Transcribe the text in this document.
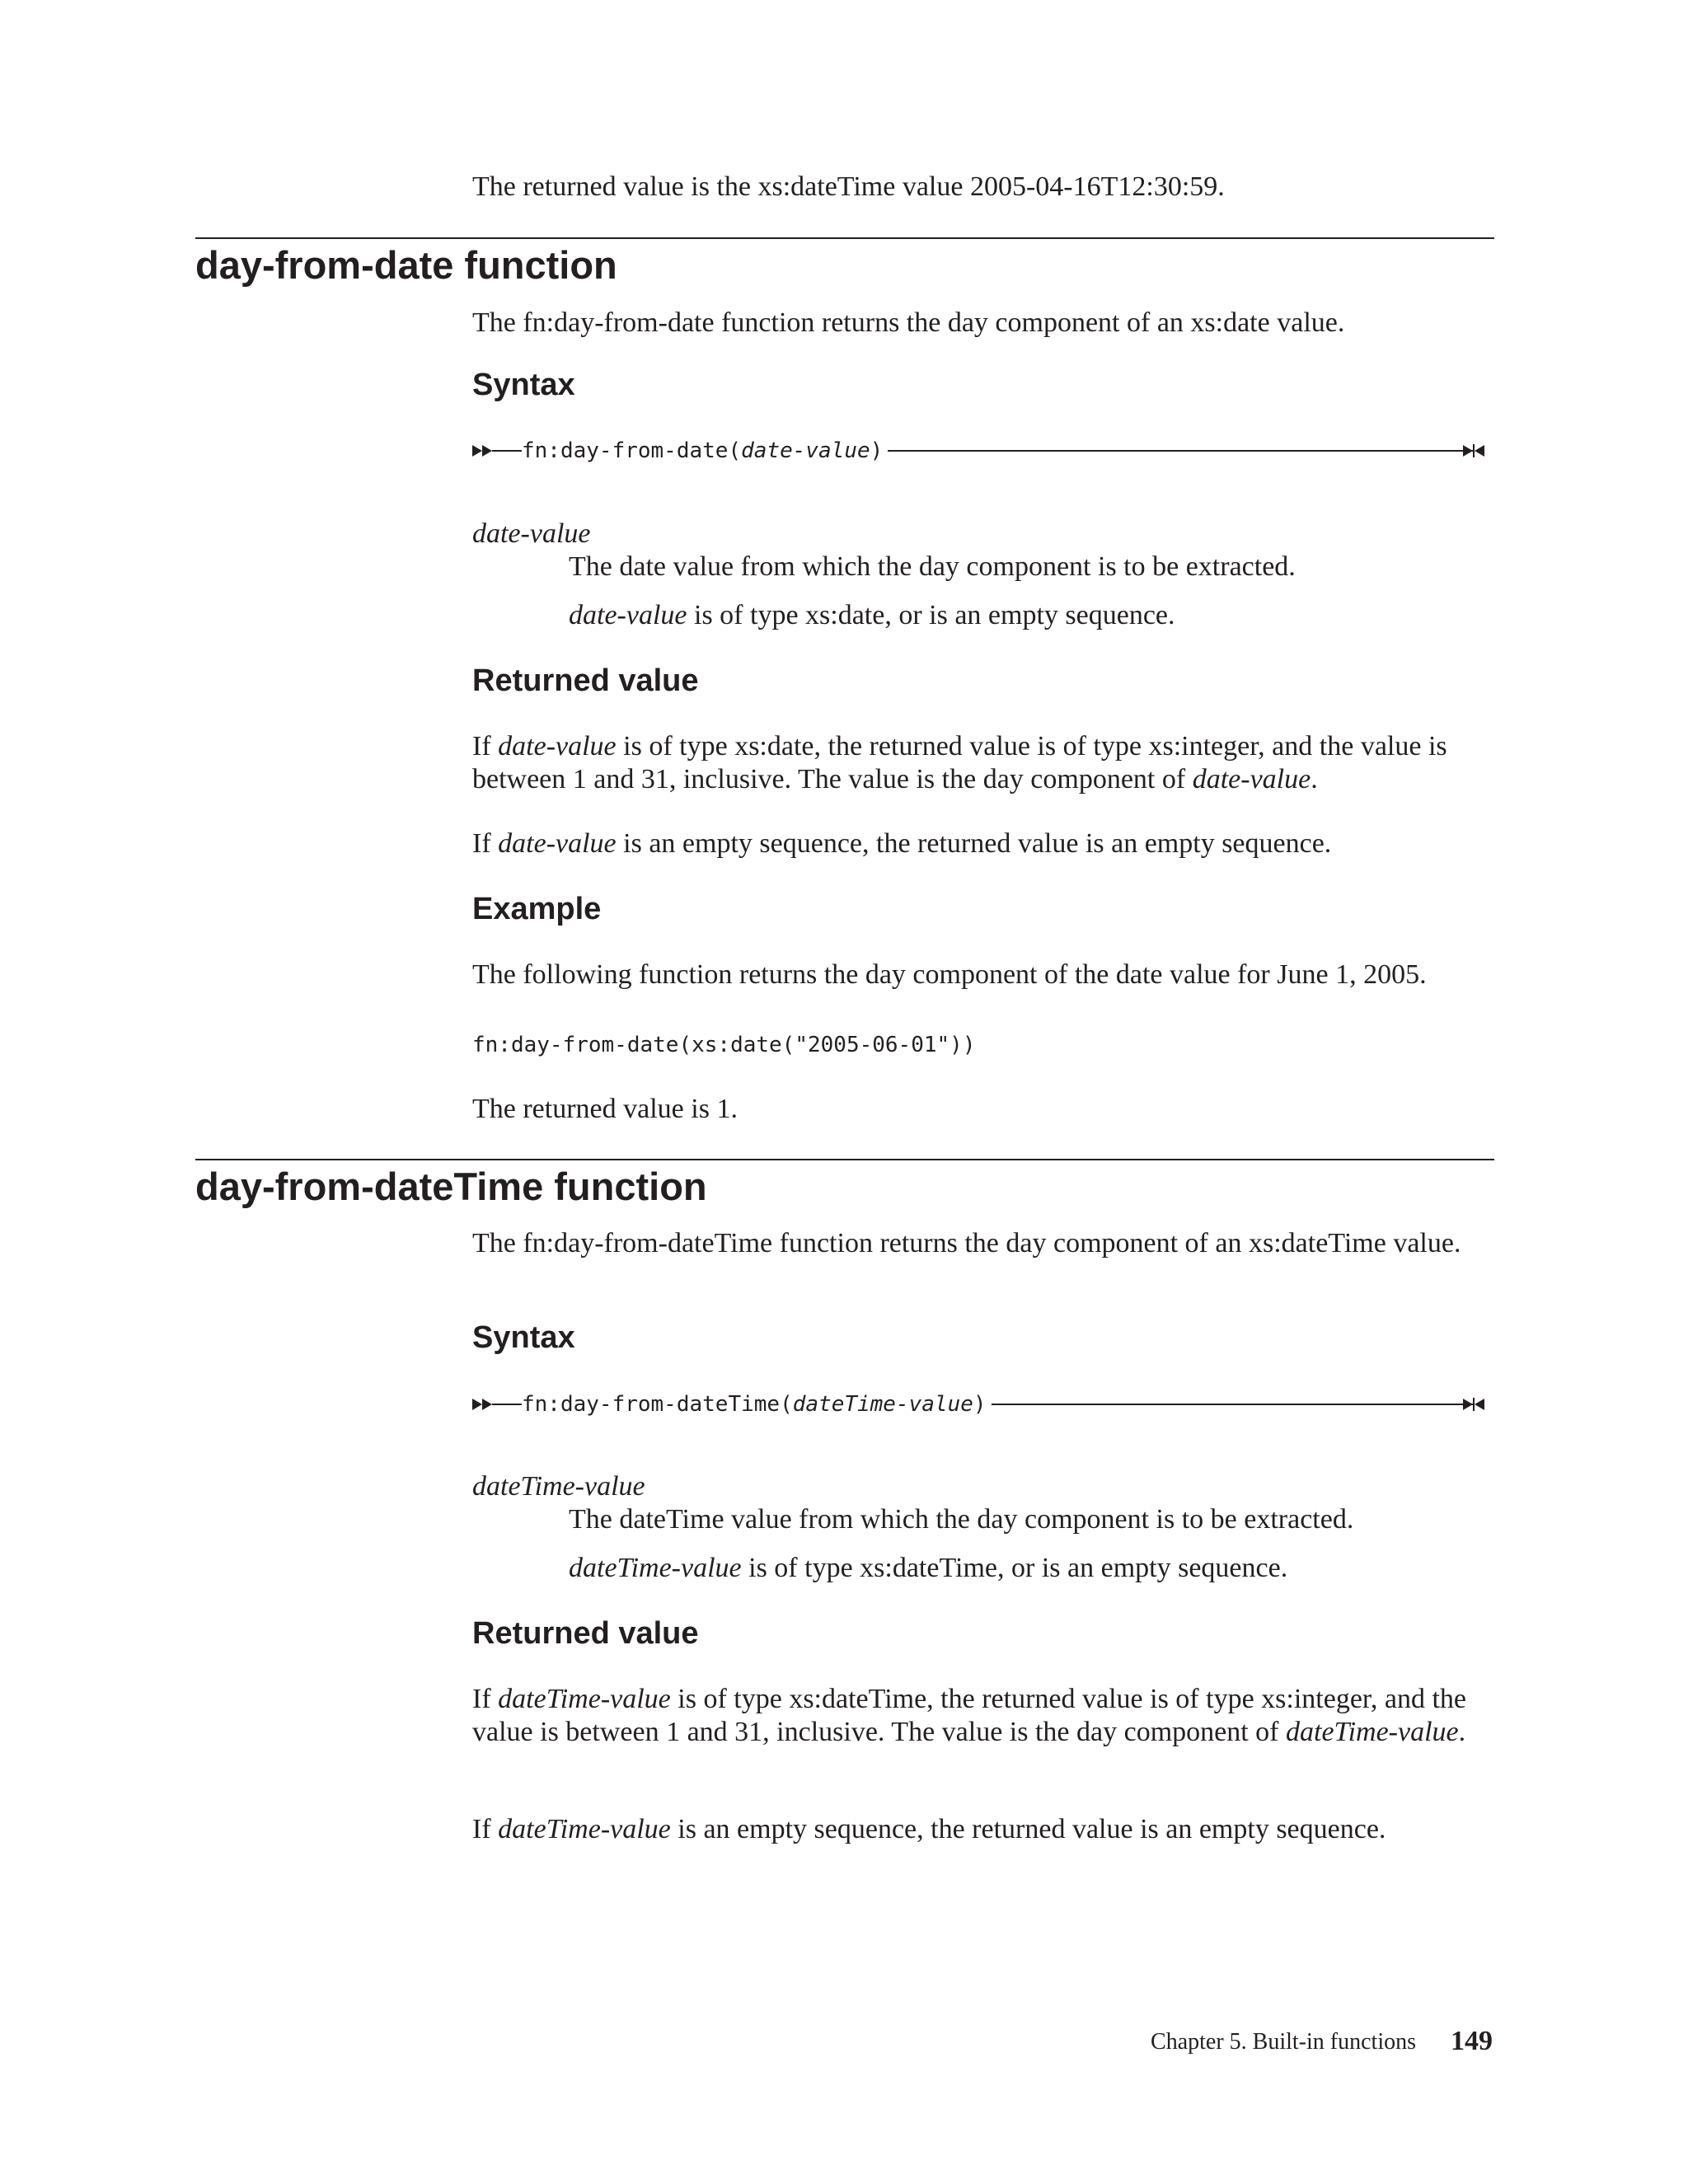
The returned value is the xs:dateTime value 2005-04-16T12:30:59.

day-from-date function

The fn:day-from-date function returns the day component of an xs:date value.

Syntax
fn:day-from-date(date-value)

date-value

The date value from which the day component is to be extracted.

date-value is of type xs:date, or is an empty sequence.

Returned value

If date-value is of type xs:date, the returned value is of type xs:integer, and the value is between 1 and 31, inclusive. The value is the day component of date-value.

If date-value is an empty sequence, the returned value is an empty sequence.

Example

The following function returns the day component of the date value for June 1, 2005.

fn:day-from-date(xs:date("2005-06-01"))

The returned value is 1.

day-from-dateTime function

The fn:day-from-dateTime function returns the day component of an xs:dateTime value.

Syntax
fn:day-from-dateTime(dateTime-value)

dateTime-value

The dateTime value from which the day component is to be extracted.

dateTime-value is of type xs:dateTime, or is an empty sequence.

Returned value

If dateTime-value is of type xs:dateTime, the returned value is of type xs:integer, and the value is between 1 and 31, inclusive. The value is the day component of dateTime-value.

If dateTime-value is an empty sequence, the returned value is an empty sequence.

Chapter 5. Built-in functions 149
